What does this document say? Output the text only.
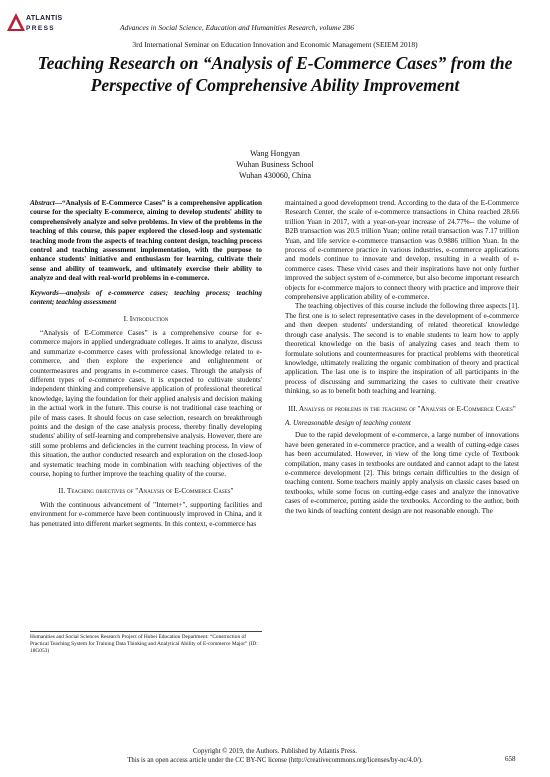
ATLANTIS
PRESS	Advances in Social Science, Education and Humanities Research, volume 286
3rd International Seminar on Education Innovation and Economic Management (SEIEM 2018)
Teaching Research on “Analysis of E-Commerce Cases” from the Perspective of Comprehensive Ability Improvement
Wang Hongyan
Wuhan Business School
Wuhan 430060, China
Abstract—“Analysis of E-Commerce Cases” is a comprehensive application course for the specialty E-commerce, aiming to develop students' ability to comprehensively analyze and solve problems. In view of the problems in the teaching of this course, this paper explored the closed-loop and systematic teaching mode from the aspects of teaching content design, teaching process control and teaching assessment implementation, with the purpose to enhance students' initiative and enthusiasm for learning, cultivate their sense and ability of teamwork, and ultimately exercise their ability to analyze and deal with real-world problems in e-commerce.
Keywords—analysis of e-commerce cases; teaching process; teaching content; teaching assessment
I. Introduction

“Analysis of E-Commerce Cases” is a comprehensive course for e-commerce majors in applied undergraduate colleges. It aims to analyze, discuss and summarize e-commerce cases with professional knowledge related to e-commerce, and then explore the experience and enlightenment or countermeasures and programs in e-commerce cases. Through the analysis of different types of e-commerce cases, it is expected to cultivate students' independent thinking and comprehensive application of professional theoretical knowledge, laying the foundation for their applied analysis and decision making in the actual work in the future. This course is not traditional case teaching or pile of mass cases. It should focus on case selection, research on breakthrough points and the design of the case analysis process, thereby finally developing students' ability of self-learning and comprehensive analysis. However, there are still some problems and deficiencies in the current teaching process. In view of this situation, the author conducted research and exploration on the closed-loop and systematic teaching mode in combination with teaching objectives of the course, hoping to further improve the teaching quality of the course.

II. Teaching objectives of "Analysis of E-Commerce Cases"

With the continuous advancement of "Internet+", supporting facilities and environment for e-commerce have been continuously improved in China, and it has penetrated into different market segments. In this context, e-commerce has

maintained a good development trend. According to the data of the E-Commerce Research Center, the scale of e-commerce transactions in China reached 28.66 trillion Yuan in 2017, with a year-on-year increase of 24.77%-- the volume of B2B transaction was 20.5 trillion Yuan; online retail transaction was 7.17 trillion Yuan, and life service e-commerce transaction was 0.9886 trillion Yuan. In the process of e-commerce practice in various industries, e-commerce applications and models continue to innovate and develop, resulting in a wealth of e-commerce cases. These vivid cases and their inspirations have not only further improved the subject system of e-commerce, but also become important research objects for e-commerce majors to connect theory with practice and improve their comprehensive application ability of e-commerce.

The teaching objectives of this course include the following three aspects [1]. The first one is to select representative cases in the development of e-commerce and then deepen students' understanding of related theoretical knowledge through case analysis. The second is to enable students to learn how to apply theoretical knowledge on the basis of analyzing cases and teach them to formulate solutions and countermeasures for practical problems with theoretical knowledge, ultimately realizing the organic combination of theory and practical application. The last one is to inspire the inspiration of all participants in the process of discussing and summarizing the cases to cultivate their creative thinking, so as to benefit both teaching and learning.

III. Analysis of problems in the teaching of "Analysis of E-Commerce Cases"
A. Unreasonable design of teaching content

Due to the rapid development of e-commerce, a large number of innovations have been generated in e-commerce practice, and a wealth of cutting-edge cases has been accumulated. However, in view of the long time cycle of Textbook compilation, many cases in textbooks are outdated and cannot adapt to the latest e-commerce development [2]. This brings certain difficulties to the design of teaching content. Some teachers mainly apply analysis on classic cases based on textbooks, while some focus on cutting-edge cases and analyze the innovative cases of e-commerce, putting aside the textbooks. According to the author, both the two kinds of teaching content design are not reasonable enough. The

Humanities and Social Sciences Research Project of Hubei Education Department: “Construction of Practical Teaching System for Training Data Thinking and Analytical Ability of E-commerce Major” (ID: 18G053)
Copyright © 2019, the Authors. Published by Atlantis Press.
This is an open access article under the CC BY-NC license (http://creativecommons.org/licenses/by-nc/4.0/).	658
